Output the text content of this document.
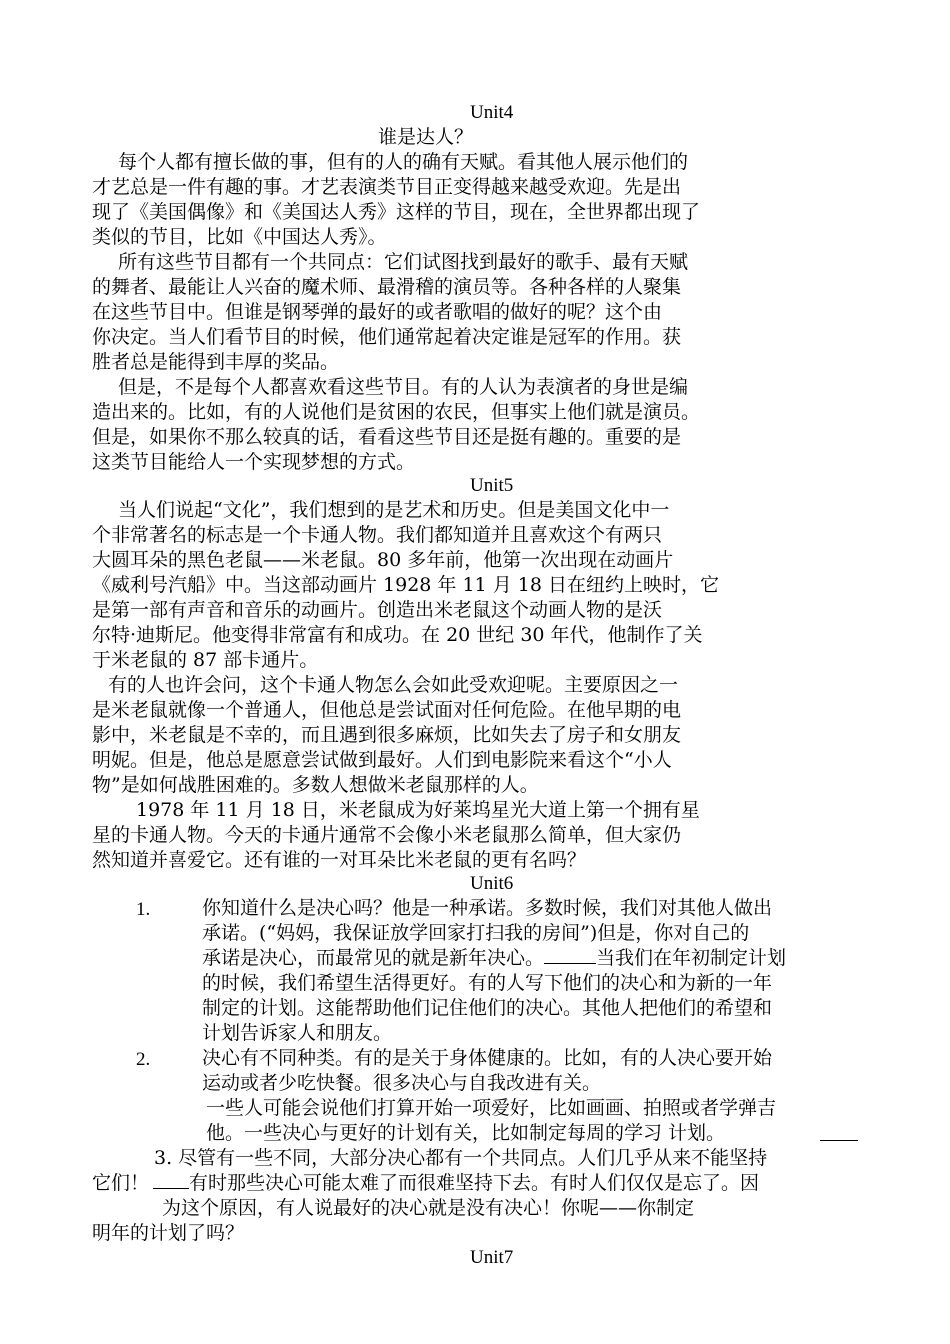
Unit4
谁是达人？
每个人都有擅长做的事，但有的人的确有天赋。看其他人展示他们的
才艺总是一件有趣的事。才艺表演类节目正变得越来越受欢迎。先是出
现了《美国偶像》和《美国达人秀》这样的节目，现在，全世界都出现了
类似的节目，比如《中国达人秀》。
所有这些节目都有一个共同点：它们试图找到最好的歌手、最有天赋
的舞者、最能让人兴奋的魔术师、最滑稽的演员等。各种各样的人聚集
在这些节目中。但谁是钢琴弹的最好的或者歌唱的做好的呢？这个由
你决定。当人们看节目的时候，他们通常起着决定谁是冠军的作用。获
胜者总是能得到丰厚的奖品。
但是，不是每个人都喜欢看这些节目。有的人认为表演者的身世是编
造出来的。比如，有的人说他们是贫困的农民，但事实上他们就是演员。
但是，如果你不那么较真的话，看看这些节目还是挺有趣的。重要的是
这类节目能给人一个实现梦想的方式。
Unit5
当人们说起“文化”，我们想到的是艺术和历史。但是美国文化中一
个非常著名的标志是一个卡通人物。我们都知道并且喜欢这个有两只
大圆耳朵的黑色老鼠——米老鼠。80 多年前，他第一次出现在动画片
《威利号汽船》中。当这部动画片 1928 年 11 月 18 日在纽约上映时，它
是第一部有声音和音乐的动画片。创造出米老鼠这个动画人物的是沃
尔特·迪斯尼。他变得非常富有和成功。在 20 世纪 30 年代，他制作了关
于米老鼠的 87 部卡通片。
有的人也许会问，这个卡通人物怎么会如此受欢迎呢。主要原因之一
是米老鼠就像一个普通人，但他总是尝试面对任何危险。在他早期的电
影中，米老鼠是不幸的，而且遇到很多麻烦，比如失去了房子和女朋友
明妮。但是，他总是愿意尝试做到最好。人们到电影院来看这个“小人
物”是如何战胜困难的。多数人想做米老鼠那样的人。
1978 年 11 月 18 日，米老鼠成为好莱坞星光大道上第一个拥有星
星的卡通人物。今天的卡通片通常不会像小米老鼠那么简单，但大家仍
然知道并喜爱它。还有谁的一对耳朵比米老鼠的更有名吗？
Unit6
1.	你知道什么是决心吗？他是一种承诺。多数时候，我们对其他人做出
承诺。(“妈妈，我保证放学回家打扫我的房间”)但是，你对自己的
承诺是决心，而最常见的就是新年决心。	当我们在年初制定计划
的时候，我们希望生活得更好。有的人写下他们的决心和为新的一年
制定的计划。这能帮助他们记住他们的决心。其他人把他们的希望和
计划告诉家人和朋友。
2.	决心有不同种类。有的是关于身体健康的。比如，有的人决心要开始
运动或者少吃快餐。很多决心与自我改进有关。
一些人可能会说他们打算开始一项爱好，比如画画、拍照或者学弹吉
他。一些决心与更好的计划有关，比如制定每周的学习 计划。
3. 尽管有一些不同，大部分决心都有一个共同点。人们几乎从来不能坚持
它们！ 有时那些决心可能太难了而很难坚持下去。有时人们仅仅是忘了。因
为这个原因，有人说最好的决心就是没有决心！你呢——你制定
明年的计划了吗？
Unit7
